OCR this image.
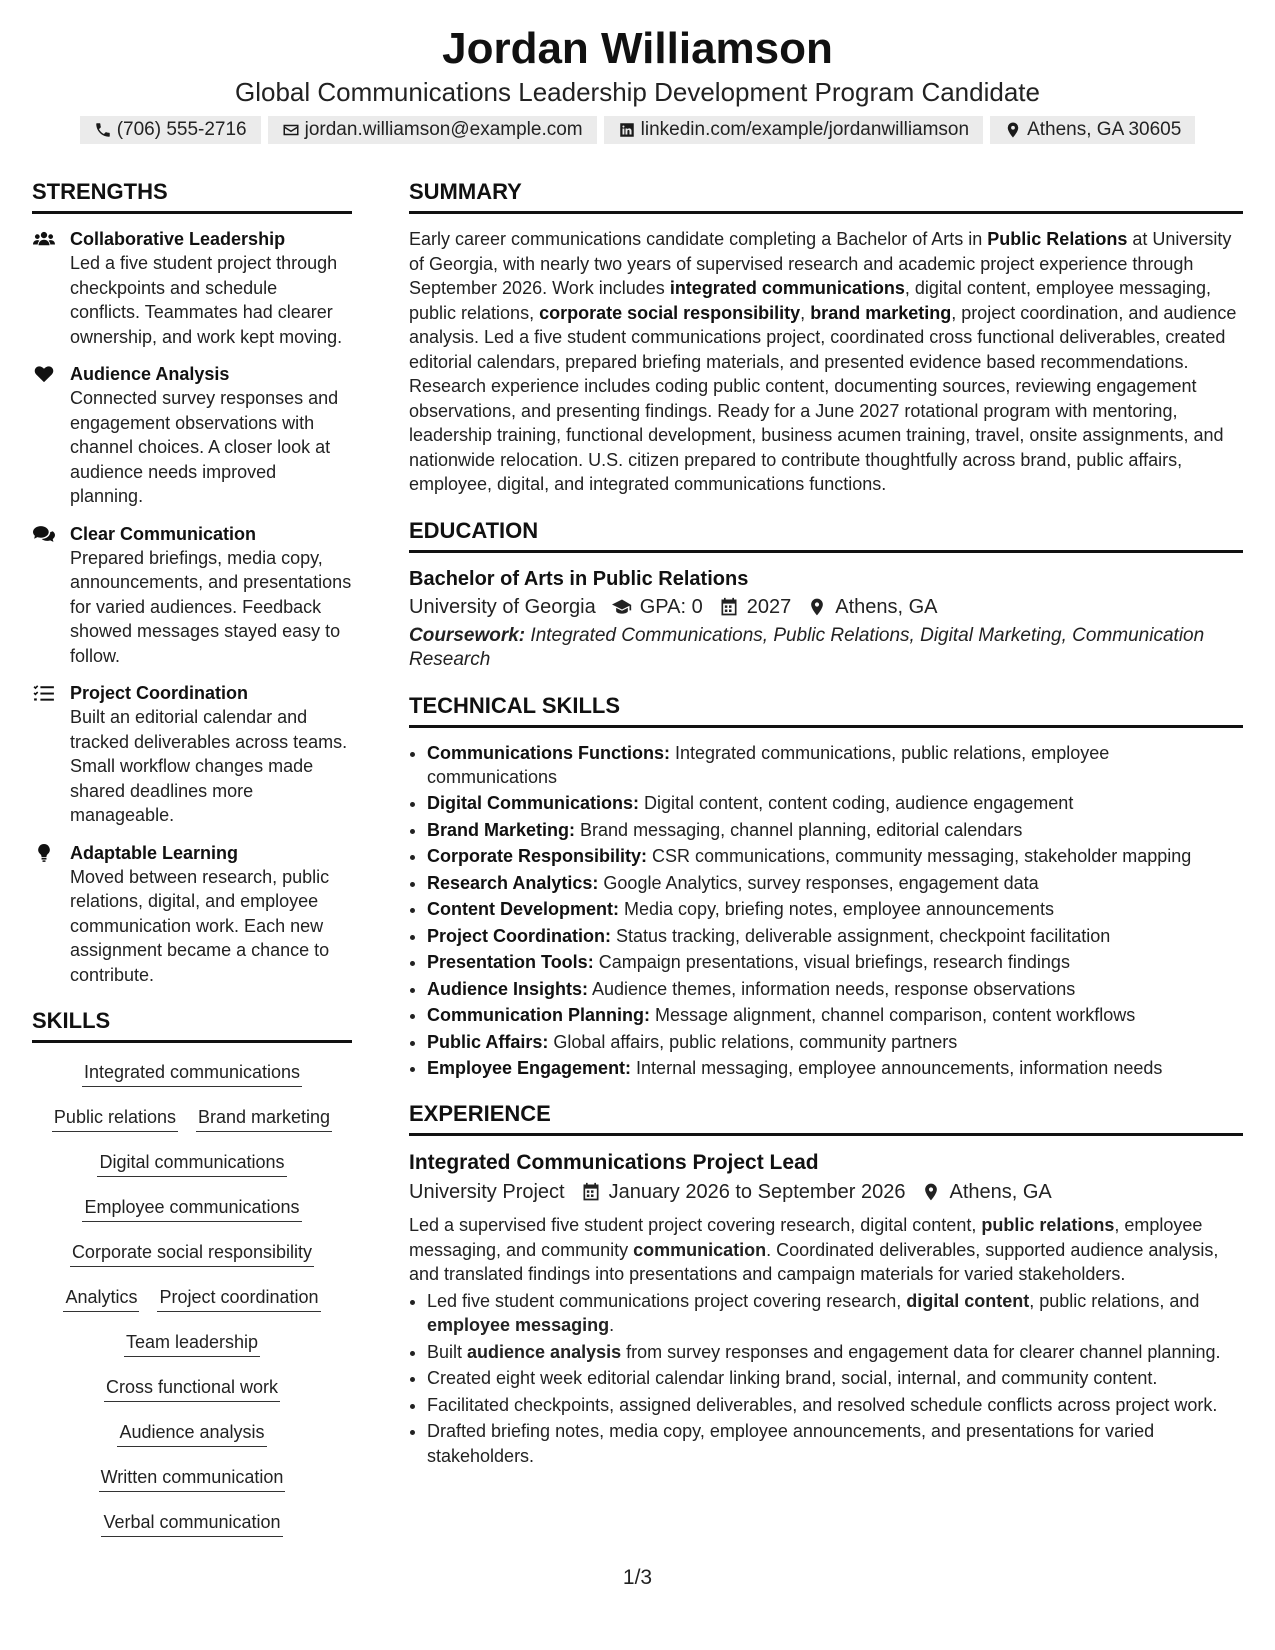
Jordan Williamson

Global Communications Leadership Development Program Candidate

(706) 555-2716	jordan.williamson@example.com	linkedin.com/example/jordanwilliamson	Athens, GA 30605
STRENGTHS
Collaborative Leadership
Led a five student project through checkpoints and schedule conflicts. Teammates had clearer ownership, and work kept moving.
Audience Analysis
Connected survey responses and engagement observations with channel choices. A closer look at audience needs improved planning.
Clear Communication
Prepared briefings, media copy, announcements, and presentations for varied audiences. Feedback showed messages stayed easy to follow.
Project Coordination
Built an editorial calendar and tracked deliverables across teams. Small workflow changes made shared deadlines more manageable.
Adaptable Learning
Moved between research, public relations, digital, and employee communication work. Each new assignment became a chance to contribute.
SKILLS
Integrated communications
Public relations Brand marketing
Digital communications
Employee communications
Corporate social responsibility
Analytics Project coordination
Team leadership
Cross functional work
Audience analysis
Written communication
Verbal communication
SUMMARY

Early career communications candidate completing a Bachelor of Arts in Public Relations at University of Georgia, with nearly two years of supervised research and academic project experience through September 2026. Work includes integrated communications, digital content, employee messaging, public relations, corporate social responsibility, brand marketing, project coordination, and audience analysis. Led a five student communications project, coordinated cross functional deliverables, created editorial calendars, prepared briefing materials, and presented evidence based recommendations. Research experience includes coding public content, documenting sources, reviewing engagement observations, and presenting findings. Ready for a June 2027 rotational program with mentoring, leadership training, functional development, business acumen training, travel, onsite assignments, and nationwide relocation. U.S. citizen prepared to contribute thoughtfully across brand, public affairs, employee, digital, and integrated communications functions.

EDUCATION
Bachelor of Arts in Public Relations
University of Georgia GPA: 0 2027 Athens, GA
Coursework: Integrated Communications, Public Relations, Digital Marketing, Communication Research
TECHNICAL SKILLS
• Communications Functions: Integrated communications, public relations, employee communications
• Digital Communications: Digital content, content coding, audience engagement
• Brand Marketing: Brand messaging, channel planning, editorial calendars
• Corporate Responsibility: CSR communications, community messaging, stakeholder mapping
• Research Analytics: Google Analytics, survey responses, engagement data
• Content Development: Media copy, briefing notes, employee announcements
• Project Coordination: Status tracking, deliverable assignment, checkpoint facilitation
• Presentation Tools: Campaign presentations, visual briefings, research findings
• Audience Insights: Audience themes, information needs, response observations
• Communication Planning: Message alignment, channel comparison, content workflows
• Public Affairs: Global affairs, public relations, community partners
• Employee Engagement: Internal messaging, employee announcements, information needs
EXPERIENCE
Integrated Communications Project Lead
University Project January 2026 to September 2026 Athens, GA

Led a supervised five student project covering research, digital content, public relations, employee messaging, and community communication. Coordinated deliverables, supported audience analysis, and translated findings into presentations and campaign materials for varied stakeholders.

• Led five student communications project covering research, digital content, public relations, and employee messaging.
• Built audience analysis from survey responses and engagement data for clearer channel planning.
• Created eight week editorial calendar linking brand, social, internal, and community content.
• Facilitated checkpoints, assigned deliverables, and resolved schedule conflicts across project work.
• Drafted briefing notes, media copy, employee announcements, and presentations for varied stakeholders.
1/3
